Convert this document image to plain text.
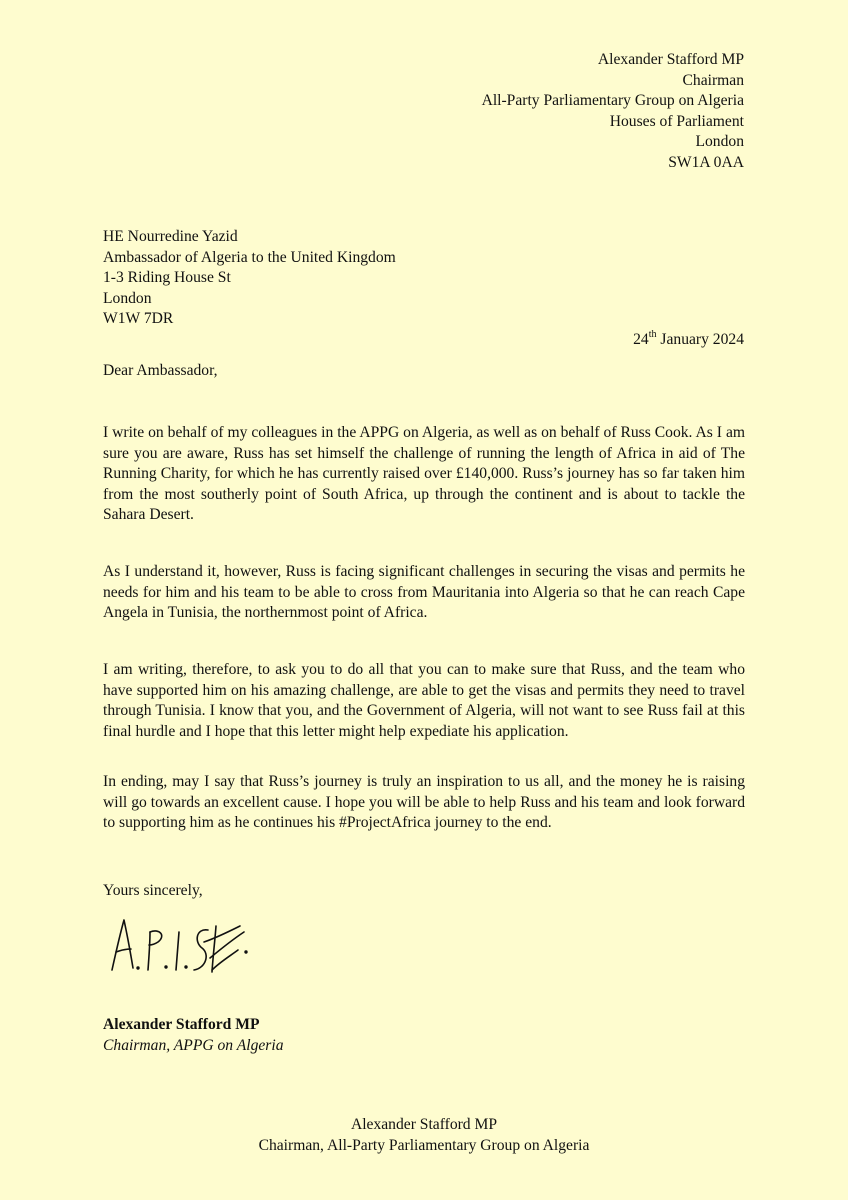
Alexander Stafford MP
Chairman
All-Party Parliamentary Group on Algeria
Houses of Parliament
London
SW1A 0AA
HE Nourredine Yazid
Ambassador of Algeria to the United Kingdom
1-3 Riding House St
London
W1W 7DR
24th January 2024
Dear Ambassador,

I write on behalf of my colleagues in the APPG on Algeria, as well as on behalf of Russ Cook. As I am sure you are aware, Russ has set himself the challenge of running the length of Africa in aid of The Running Charity, for which he has currently raised over £140,000. Russ’s journey has so far taken him from the most southerly point of South Africa, up through the continent and is about to tackle the Sahara Desert.

As I understand it, however, Russ is facing significant challenges in securing the visas and permits he needs for him and his team to be able to cross from Mauritania into Algeria so that he can reach Cape Angela in Tunisia, the northernmost point of Africa.

I am writing, therefore, to ask you to do all that you can to make sure that Russ, and the team who have supported him on his amazing challenge, are able to get the visas and permits they need to travel through Tunisia. I know that you, and the Government of Algeria, will not want to see Russ fail at this final hurdle and I hope that this letter might help expediate his application.

In ending, may I say that Russ’s journey is truly an inspiration to us all, and the money he is raising will go towards an excellent cause. I hope you will be able to help Russ and his team and look forward to supporting him as he continues his #ProjectAfrica journey to the end.

Yours sincerely,
Alexander Stafford MP
Chairman, APPG on Algeria
Alexander Stafford MP
Chairman, All-Party Parliamentary Group on Algeria
